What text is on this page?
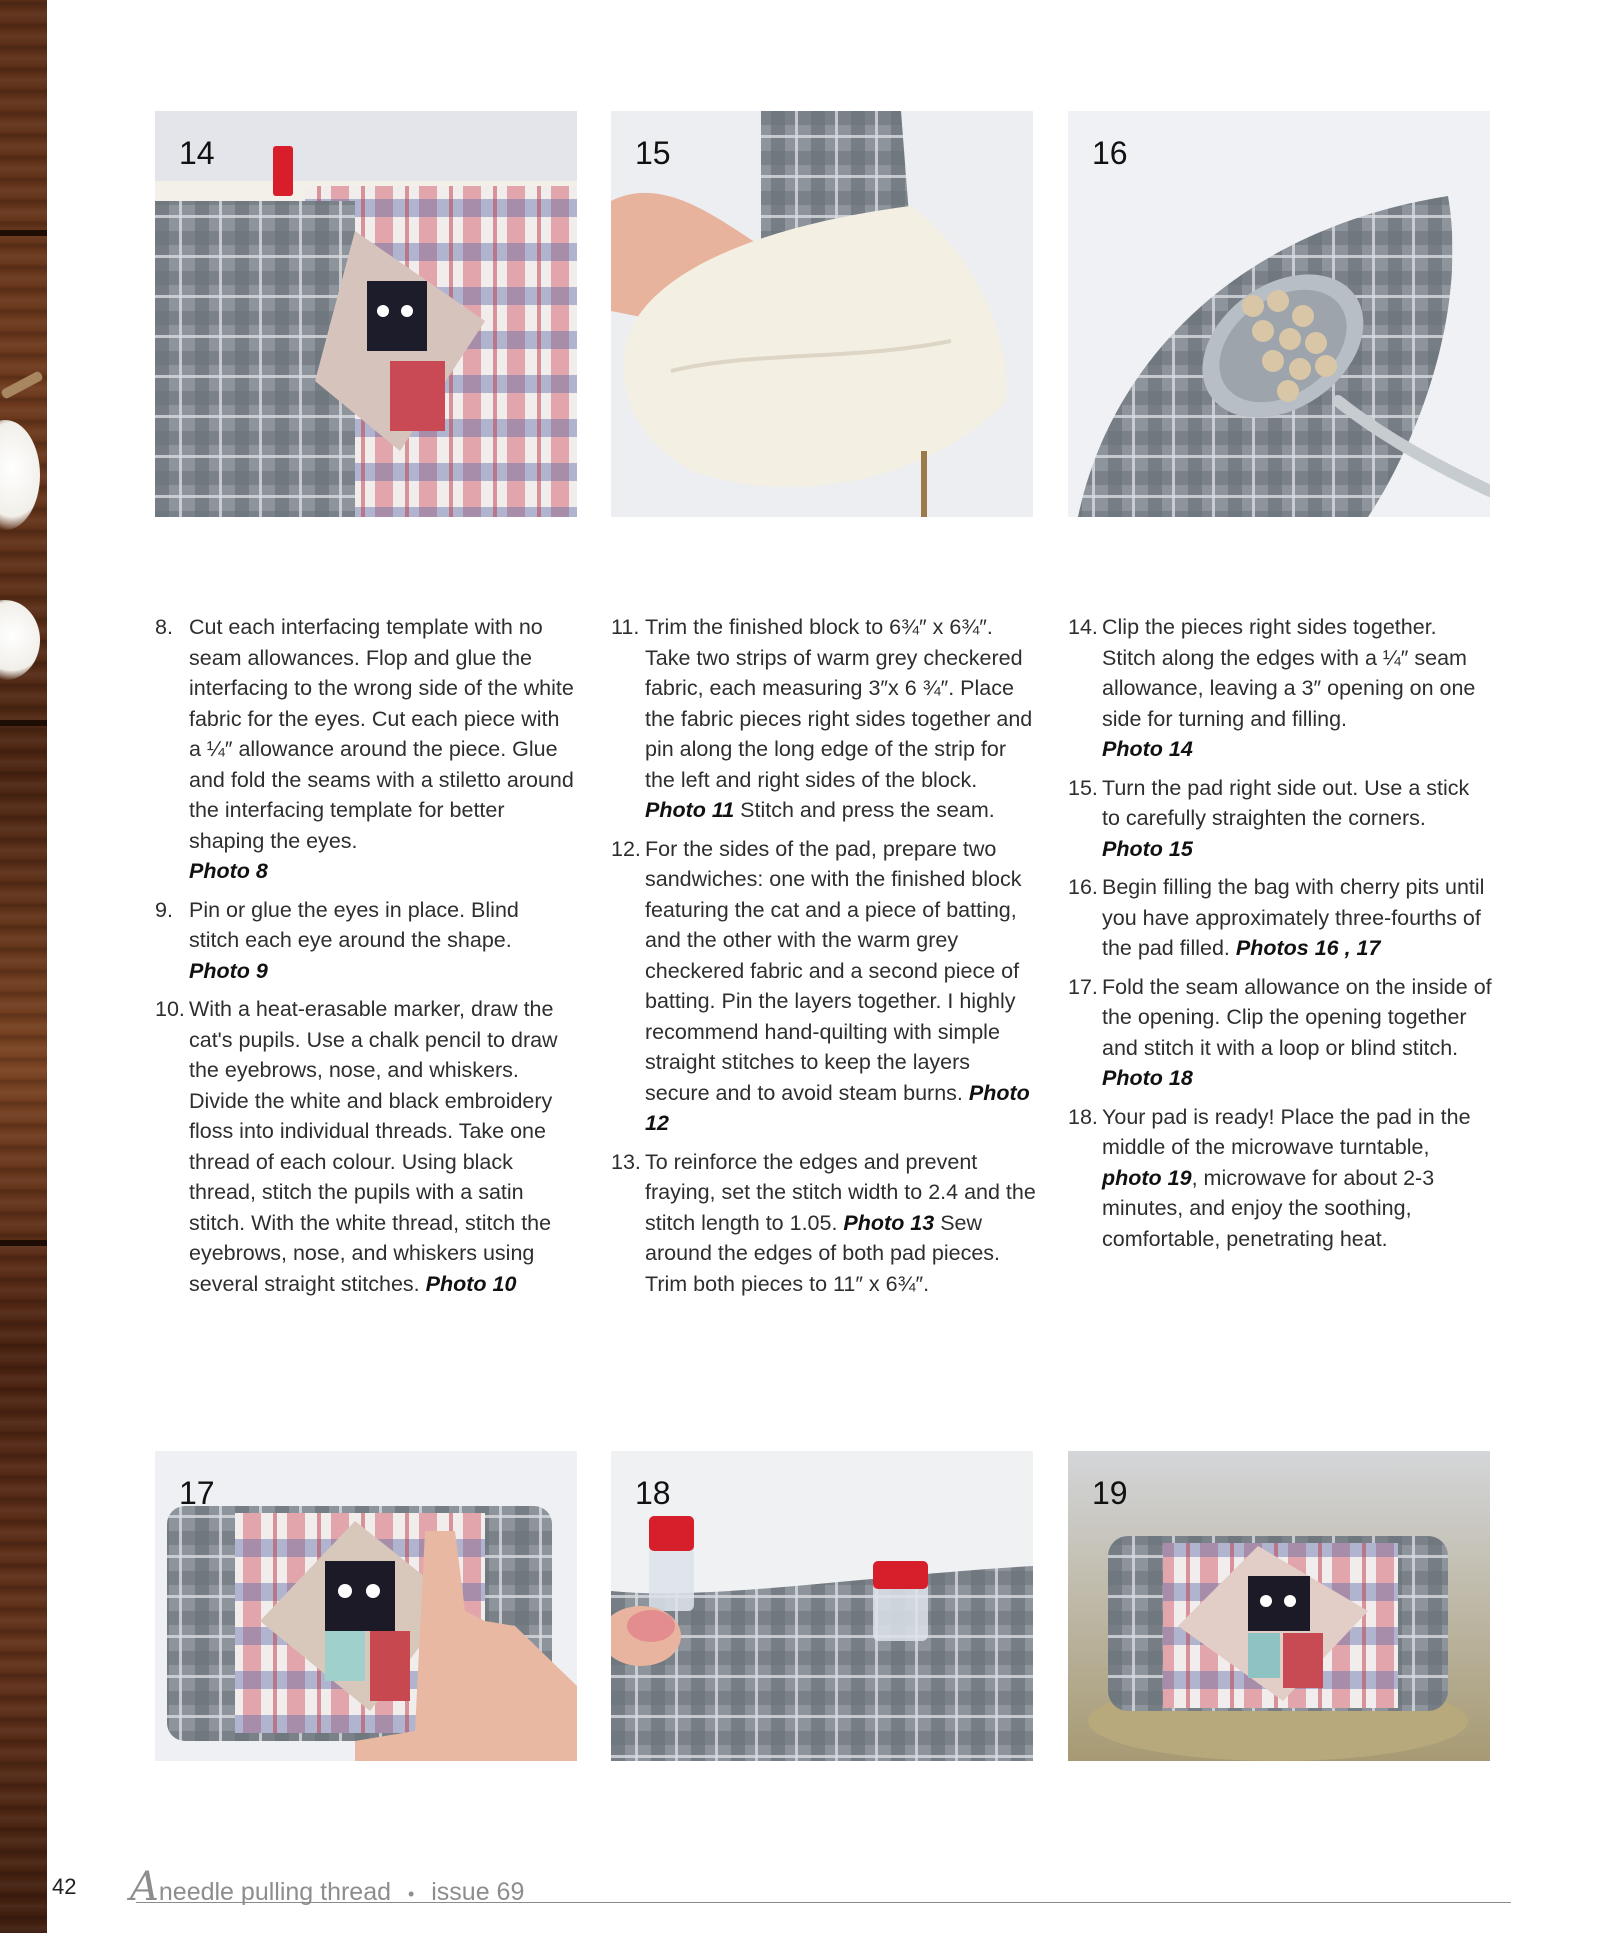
14	15	16
8. Cut each interfacing template with no seam allowances. Flop and glue the interfacing to the wrong side of the white fabric for the eyes. Cut each piece with a ¼″ allowance around the piece. Glue and fold the seams with a stiletto around the interfacing template for better shaping the eyes.
Photo 8
9. Pin or glue the eyes in place. Blind stitch each eye around the shape.
Photo 9
10. With a heat-erasable marker, draw the cat's pupils. Use a chalk pencil to draw the eyebrows, nose, and whiskers. Divide the white and black embroidery floss into individual threads. Take one thread of each colour. Using black thread, stitch the pupils with a satin stitch. With the white thread, stitch the eyebrows, nose, and whiskers using several straight stitches. Photo 10
11. Trim the finished block to 6¾″ x 6¾″. Take two strips of warm grey checkered fabric, each measuring 3″x 6 ¾″. Place the fabric pieces right sides together and pin along the long edge of the strip for the left and right sides of the block. Photo 11 Stitch and press the seam.
12. For the sides of the pad, prepare two sandwiches: one with the finished block featuring the cat and a piece of batting, and the other with the warm grey checkered fabric and a second piece of batting. Pin the layers together. I highly recommend hand-quilting with simple straight stitches to keep the layers secure and to avoid steam burns. Photo 12
13. To reinforce the edges and prevent fraying, set the stitch width to 2.4 and the stitch length to 1.05. Photo 13 Sew around the edges of both pad pieces. Trim both pieces to 11″ x 6¾″.
14. Clip the pieces right sides together. Stitch along the edges with a ¼″ seam allowance, leaving a 3″ opening on one side for turning and filling.
Photo 14
15. Turn the pad right side out. Use a stick to carefully straighten the corners.
Photo 15
16. Begin filling the bag with cherry pits until you have approximately three-fourths of the pad filled. Photos 16 , 17
17. Fold the seam allowance on the inside of the opening. Clip the opening together and stitch it with a loop or blind stitch. Photo 18
18. Your pad is ready! Place the pad in the middle of the microwave turntable, photo 19, microwave for about 2-3 minutes, and enjoy the soothing, comfortable, penetrating heat.
17	18	19
42 Aneedle pulling thread • issue 69
